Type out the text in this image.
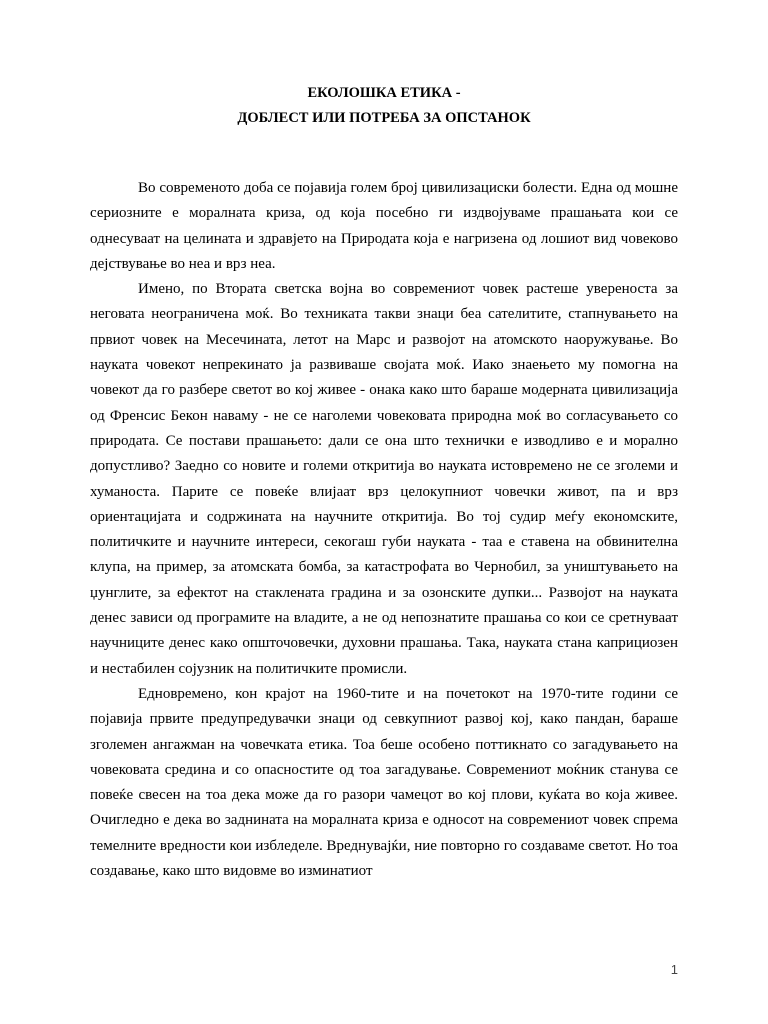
ЕКОЛОШКА ЕТИКА -
ДОБЛЕСТ ИЛИ ПОТРЕБА ЗА ОПСТАНОК

Во современото доба се појавија голем број цивилизациски болести. Една од мошне сериозните е моралната криза, од која посебно ги издвојуваме прашањата кои се однесуваат на целината и здравјето на Природата која е нагризена од лошиот вид човеково дејствување во неа и врз неа.

Имено, по Втората светска војна во современиот човек растеше увереноста за неговата неограничена моќ. Во техниката такви знаци беа сателитите, стапнувањето на првиот човек на Месечината, летот на Марс и развојот на атомското наоружување. Во науката човекот непрекинато ја развиваше својата моќ. Иако знаењето му помогна на човекот да го разбере светот во кој живее - онака како што бараше модерната цивилизација од Френсис Бекон наваму - не се наголеми човековата природна моќ во согласувањето со природата. Се постави прашањето: дали се она што технички е изводливо е и морално допустливо? Заедно со новите и големи откритија во науката истовремено не се зголеми и хуманоста. Парите се повеќе влијаат врз целокупниот човечки живот, па и врз ориентацијата и содржината на научните откритија. Во тој судир меѓу економските, политичките и научните интереси, секогаш губи науката - таа е ставена на обвинителна клупа, на пример, за атомската бомба, за катастрофата во Чернобил, за уништувањето на џунглите, за ефектот на стаклената градина и за озонските дупки... Развојот на науката денес зависи од програмите на владите, а не од непознатите прашања со кои се сретнуваат научниците денес како општочовечки, духовни прашања. Така, науката стана каприциозен и нестабилен сојузник на политичките промисли.

Едновремено, кон крајот на 1960-тите и на почетокот на 1970-тите години се појавија првите предупредувачки знаци од севкупниот развој кој, како пандан, бараше зголемен ангажман на човечката етика. Тоа беше особено поттикнато со загадувањето на човековата средина и со опасностите од тоа загадување. Современиот моќник станува се повеќе свесен на тоа дека може да го разори чамецот во кој плови, куќата во која живее. Очигледно е дека во заднината на моралната криза е односот на современиот човек спрема темелните вредности кои избледеле. Вреднувајќи, ние повторно го создаваме светот. Но тоа создавање, како што видовме во изминатиот

1
